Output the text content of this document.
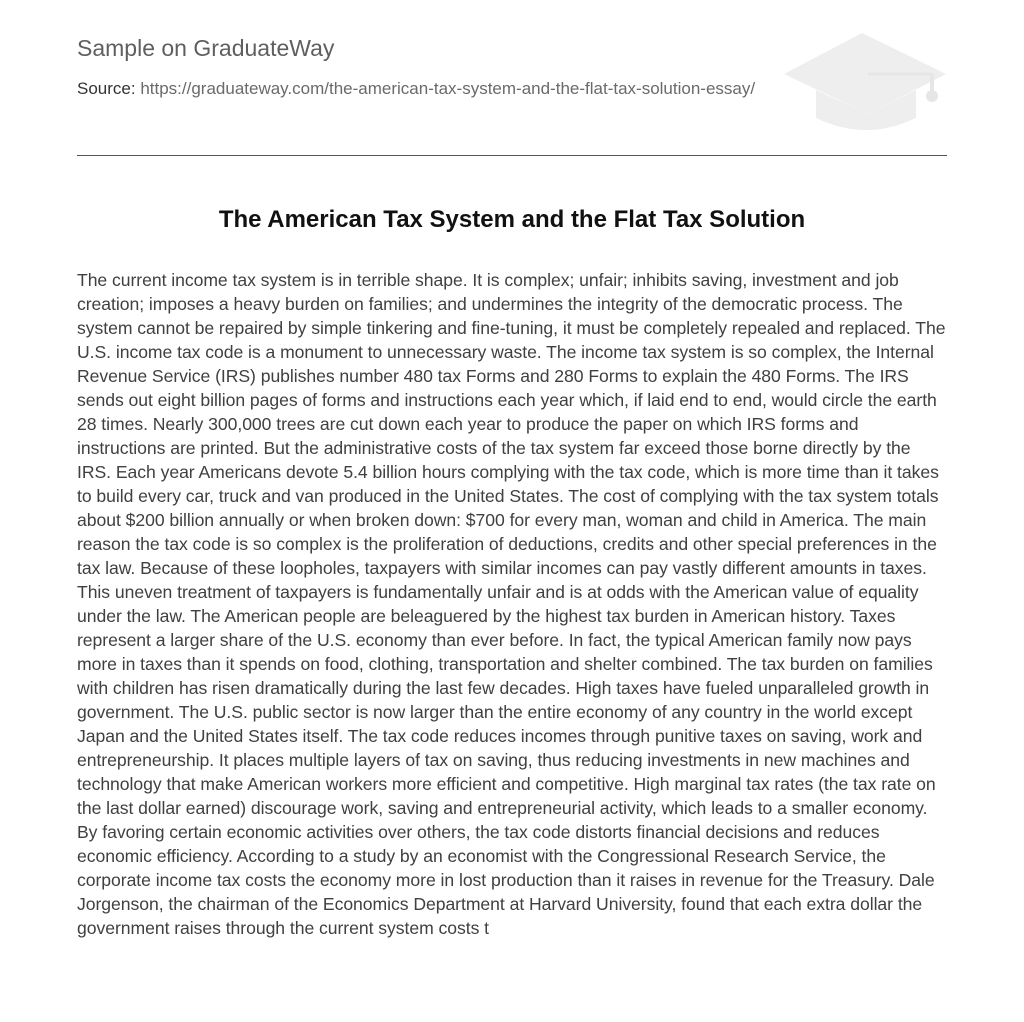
Sample on GraduateWay

Source: https://graduateway.com/the-american-tax-system-and-the-flat-tax-solution-essay/
The American Tax System and the Flat Tax Solution

The current income tax system is in terrible shape. It is complex; unfair; inhibits saving, investment and job creation; imposes a heavy burden on families; and undermines the integrity of the democratic process. The system cannot be repaired by simple tinkering and fine-tuning, it must be completely repealed and replaced. The U.S. income tax code is a monument to unnecessary waste. The income tax system is so complex, the Internal Revenue Service (IRS) publishes number 480 tax Forms and 280 Forms to explain the 480 Forms. The IRS sends out eight billion pages of forms and instructions each year which, if laid end to end, would circle the earth 28 times. Nearly 300,000 trees are cut down each year to produce the paper on which IRS forms and instructions are printed. But the administrative costs of the tax system far exceed those borne directly by the IRS. Each year Americans devote 5.4 billion hours complying with the tax code, which is more time than it takes to build every car, truck and van produced in the United States. The cost of complying with the tax system totals about $200 billion annually or when broken down: $700 for every man, woman and child in America. The main reason the tax code is so complex is the proliferation of deductions, credits and other special preferences in the tax law. Because of these loopholes, taxpayers with similar incomes can pay vastly different amounts in taxes. This uneven treatment of taxpayers is fundamentally unfair and is at odds with the American value of equality under the law. The American people are beleaguered by the highest tax burden in American history. Taxes represent a larger share of the U.S. economy than ever before. In fact, the typical American family now pays more in taxes than it spends on food, clothing, transportation and shelter combined. The tax burden on families with children has risen dramatically during the last few decades. High taxes have fueled unparalleled growth in government. The U.S. public sector is now larger than the entire economy of any country in the world except Japan and the United States itself. The tax code reduces incomes through punitive taxes on saving, work and entrepreneurship. It places multiple layers of tax on saving, thus reducing investments in new machines and technology that make American workers more efficient and competitive. High marginal tax rates (the tax rate on the last dollar earned) discourage work, saving and entrepreneurial activity, which leads to a smaller economy. By favoring certain economic activities over others, the tax code distorts financial decisions and reduces economic efficiency. According to a study by an economist with the Congressional Research Service, the corporate income tax costs the economy more in lost production than it raises in revenue for the Treasury. Dale Jorgenson, the chairman of the Economics Department at Harvard University, found that each extra dollar the government raises through the current system costs t
